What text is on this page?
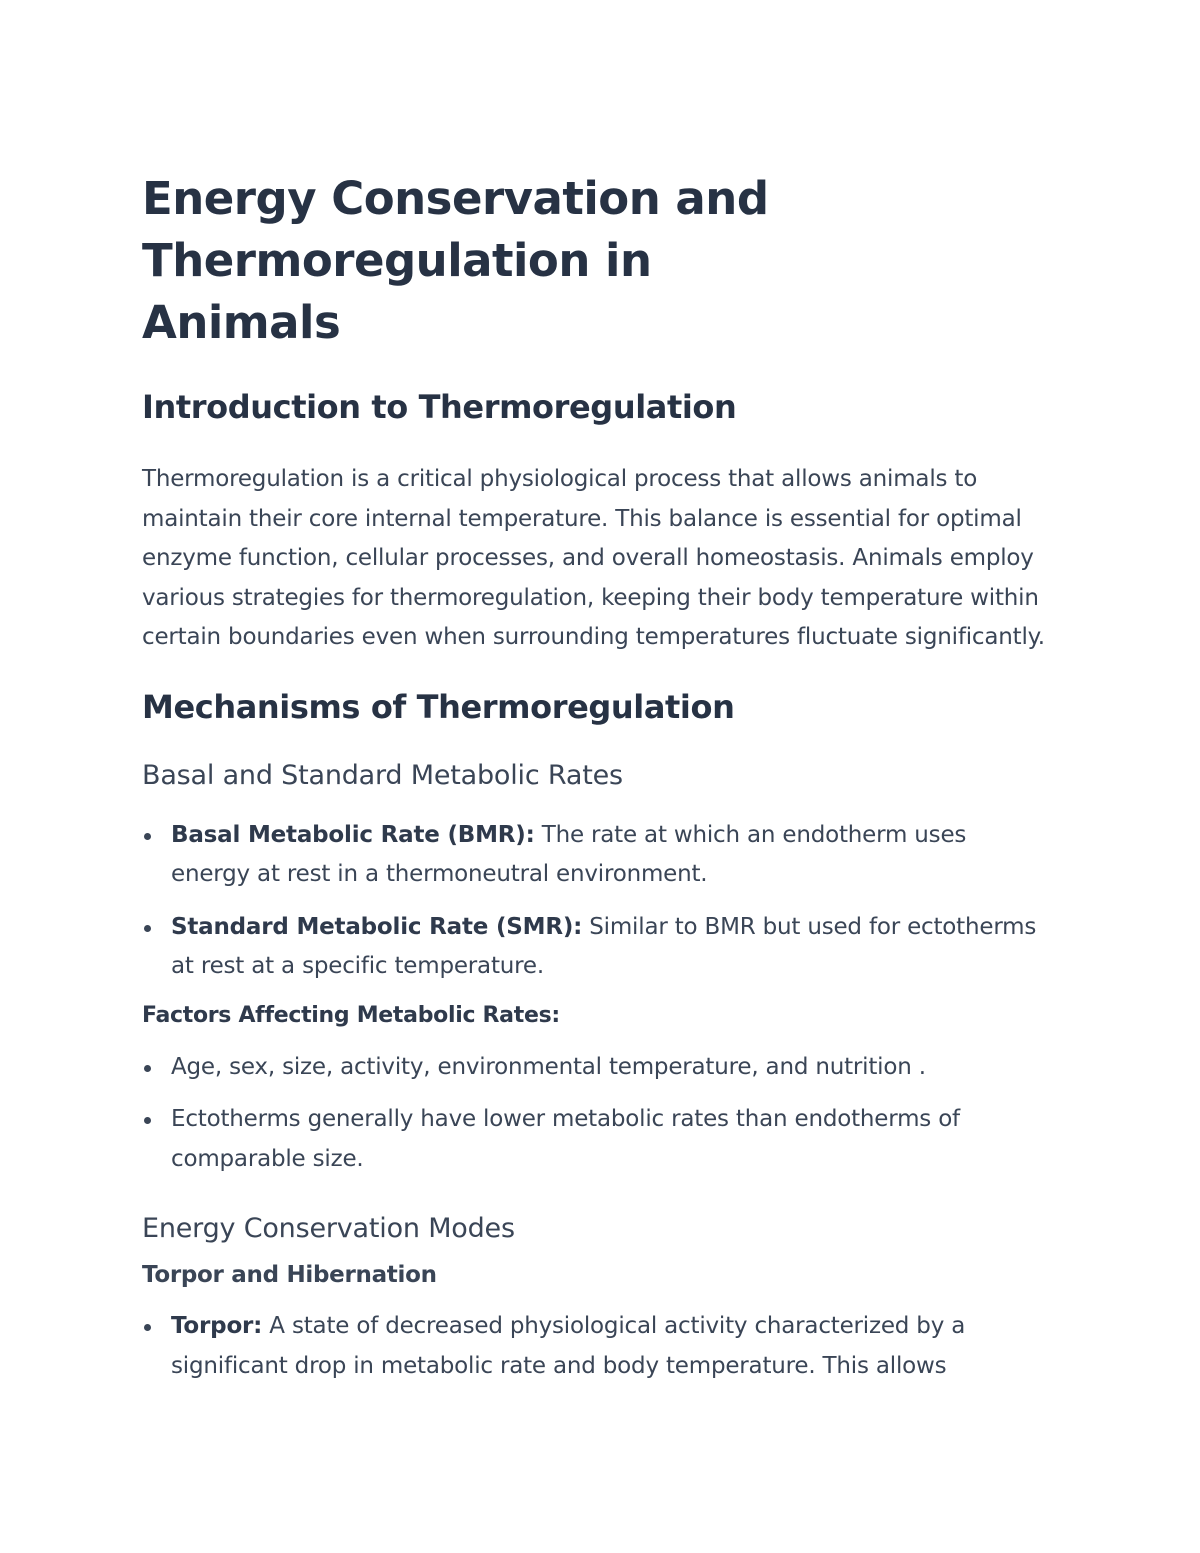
Energy Conservation and
Thermoregulation in Animals
Introduction to Thermoregulation

Thermoregulation is a critical physiological process that allows animals to maintain their core internal temperature. This balance is essential for optimal enzyme function, cellular processes, and overall homeostasis. Animals employ various strategies for thermoregulation, keeping their body temperature within certain boundaries even when surrounding temperatures fluctuate significantly.

Mechanisms of Thermoregulation
Basal and Standard Metabolic Rates
Basal Metabolic Rate (BMR): The rate at which an endotherm uses energy at rest in a thermoneutral environment.
Standard Metabolic Rate (SMR): Similar to BMR but used for ectotherms at rest at a specific temperature.
Factors Affecting Metabolic Rates:
Age, sex, size, activity, environmental temperature, and nutrition .
Ectotherms generally have lower metabolic rates than endotherms of comparable size.
Energy Conservation Modes
Torpor and Hibernation
Torpor: A state of decreased physiological activity characterized by a significant drop in metabolic rate and body temperature. This allows
